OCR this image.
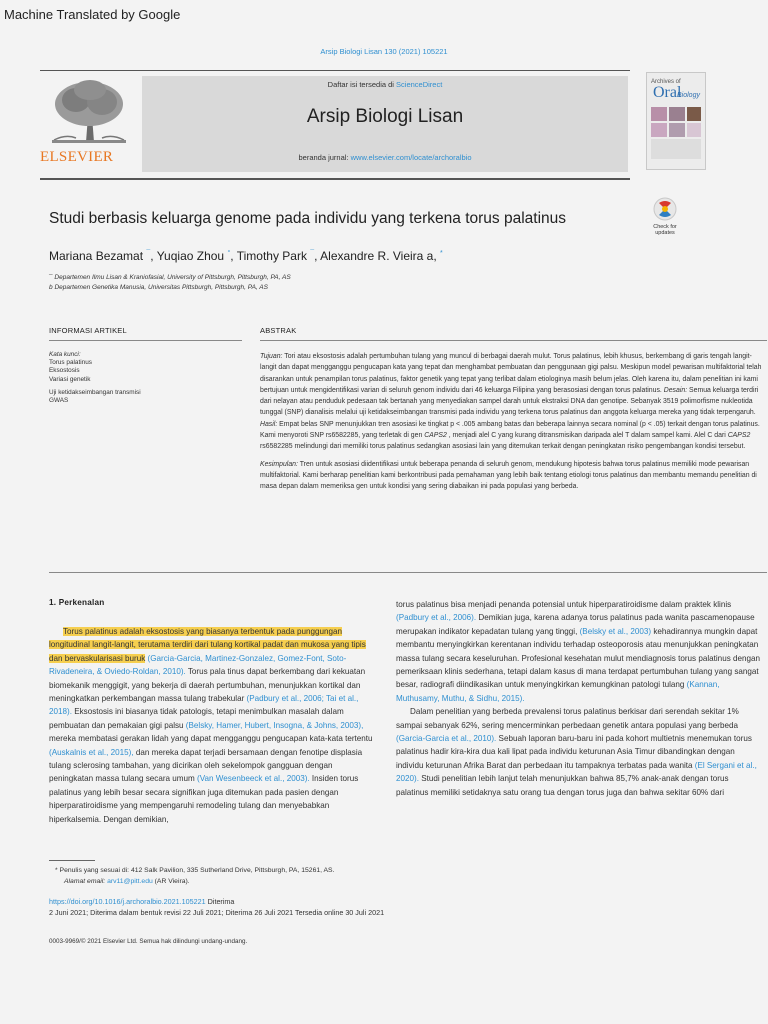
Machine Translated by Google
Arsip Biologi Lisan 130 (2021) 105221
ELSEVIER
Daftar isi tersedia di ScienceDirect
Arsip Biologi Lisan
beranda jurnal: www.elsevier.com/locate/archoralbio
Archives of
Oral
Biology
Studi berbasis keluarga genome pada individu yang terkena torus palatinus	Check for
updates
Mariana Bezamat ¯, Yuqiao Zhou °, Timothy Park ¯, Alexandre R. Vieira a, *
¯ Departemen Ilmu Lisan & Kraniofasial, University of Pittsburgh, Pittsburgh, PA, AS
b Departemen Genetika Manusia, Universitas Pittsburgh, Pittsburgh, PA, AS
INFORMASI ARTIKEL
Kata kunci:
Torus palatinus
Eksostosis
Variasi genetik
Uji ketidakseimbangan transmisi
GWAS
ABSTRAK

Tujuan: Tori atau eksostosis adalah pertumbuhan tulang yang muncul di berbagai daerah mulut. Torus palatinus, lebih khusus, berkembang di garis tengah langit-langit dan dapat mengganggu pengucapan kata yang tepat dan menghambat pembuatan dan penggunaan gigi palsu. Meskipun model pewarisan multifaktorial telah disarankan untuk penampilan torus palatinus, faktor genetik yang tepat yang terlibat dalam etiologinya masih belum jelas. Oleh karena itu, dalam penelitian ini kami bertujuan untuk mengidentifikasi varian di seluruh genom individu dari 46 keluarga Filipina yang berasosiasi dengan torus palatinus. Desain: Semua keluarga terdiri dari nelayan atau penduduk pedesaan tak bertanah yang menyediakan sampel darah untuk ekstraksi DNA dan genotipe. Sebanyak 3519 polimorfisme nukleotida tunggal (SNP) dianalisis melalui uji ketidakseimbangan transmisi pada individu yang terkena torus palatinus dan anggota keluarga mereka yang tidak terpengaruh. Hasil: Empat belas SNP menunjukkan tren asosiasi ke tingkat p < .005 ambang batas dan beberapa lainnya secara nominal (p < .05) terkait dengan torus palatinus. Kami menyoroti SNP rs6582285, yang terletak di gen CAPS2 , menjadi alel C yang kurang ditransmisikan daripada alel T dalam sampel kami. Alel C dari CAPS2 rs6582285 melindungi dari memiliki torus palatinus sedangkan asosiasi lain yang ditemukan terkait dengan peningkatan risiko pengembangan kondisi tersebut.

Kesimpulan: Tren untuk asosiasi diidentifikasi untuk beberapa penanda di seluruh genom, mendukung hipotesis bahwa torus palatinus memiliki mode pewarisan multifaktorial. Kami berharap penelitian kami berkontribusi pada pemahaman yang lebih baik tentang etiologi torus palatinus dan membantu memandu penelitian di masa depan dalam memeriksa gen untuk kondisi yang sering diabaikan ini pada populasi yang berbeda.

1. Perkenalan

Torus palatinus adalah eksostosis yang biasanya terbentuk pada punggungan longitudinal langit-langit, terutama terdiri dari tulang kortikal padat dan mukosa yang tipis dan bervaskularisasi buruk (Garcia-Garcia, Martinez-Gonzalez, Gomez-Font, Soto-Rivadeneira, & Oviedo-Roldan, 2010). Torus pala tinus dapat berkembang dari kekuatan biomekanik menggigit, yang bekerja di daerah pertumbuhan, menunjukkan kortikal dan meningkatkan perkembangan massa tulang trabekular (Padbury et al., 2006; Tai et al., 2018). Eksostosis ini biasanya tidak patologis, tetapi menimbulkan masalah dalam pembuatan dan pemakaian gigi palsu (Belsky, Hamer, Hubert, Insogna, & Johns, 2003), mereka membatasi gerakan lidah yang dapat mengganggu pengucapan kata-kata tertentu (Auskalnis et al., 2015), dan mereka dapat terjadi bersamaan dengan fenotipe displasia tulang sclerosing tambahan, yang dicirikan oleh sekelompok gangguan dengan peningkatan massa tulang secara umum (Van Wesenbeeck et al., 2003). Insiden torus palatinus yang lebih besar secara signifikan juga ditemukan pada pasien dengan hiperparatiroidisme yang mempengaruhi remodeling tulang dan menyebabkan hiperkalsemia. Dengan demikian,

torus palatinus bisa menjadi penanda potensial untuk hiperparatiroidisme dalam praktek klinis (Padbury et al., 2006). Demikian juga, karena adanya torus palatinus pada wanita pascamenopause merupakan indikator kepadatan tulang yang tinggi, (Belsky et al., 2003) kehadirannya mungkin dapat membantu menyingkirkan kerentanan individu terhadap osteoporosis atau menunjukkan peningkatan massa tulang secara keseluruhan. Profesional kesehatan mulut mendiagnosis torus palatinus dengan pemeriksaan klinis sederhana, tetapi dalam kasus di mana terdapat pertumbuhan tulang yang sangat besar, radiografi diindikasikan untuk menyingkirkan kemungkinan patologi tulang (Kannan, Muthusamy, Muthu, & Sidhu, 2015).

Dalam penelitian yang berbeda prevalensi torus palatinus berkisar dari serendah sekitar 1% sampai sebanyak 62%, sering mencerminkan perbedaan genetik antara populasi yang berbeda (Garcia-Garcia et al., 2010). Sebuah laporan baru-baru ini pada kohort multietnis menemukan torus palatinus hadir kira-kira dua kali lipat pada individu keturunan Asia Timur dibandingkan dengan individu keturunan Afrika Barat dan perbedaan itu tampaknya terbatas pada wanita (El Sergani et al., 2020). Studi penelitian lebih lanjut telah menunjukkan bahwa 85,7% anak-anak dengan torus palatinus memiliki setidaknya satu orang tua dengan torus juga dan bahwa sekitar 60% dari

* Penulis yang sesuai di: 412 Salk Pavilion, 335 Sutherland Drive, Pittsburgh, PA, 15261, AS.
Alamat email: arv11@pitt.edu (AR Vieira).
https://doi.org/10.1016/j.archoralbio.2021.105221 Diterima
2 Juni 2021; Diterima dalam bentuk revisi 22 Juli 2021; Diterima 26 Juli 2021 Tersedia online 30 Juli 2021
0003-9969/© 2021 Elsevier Ltd. Semua hak dilindungi undang-undang.
